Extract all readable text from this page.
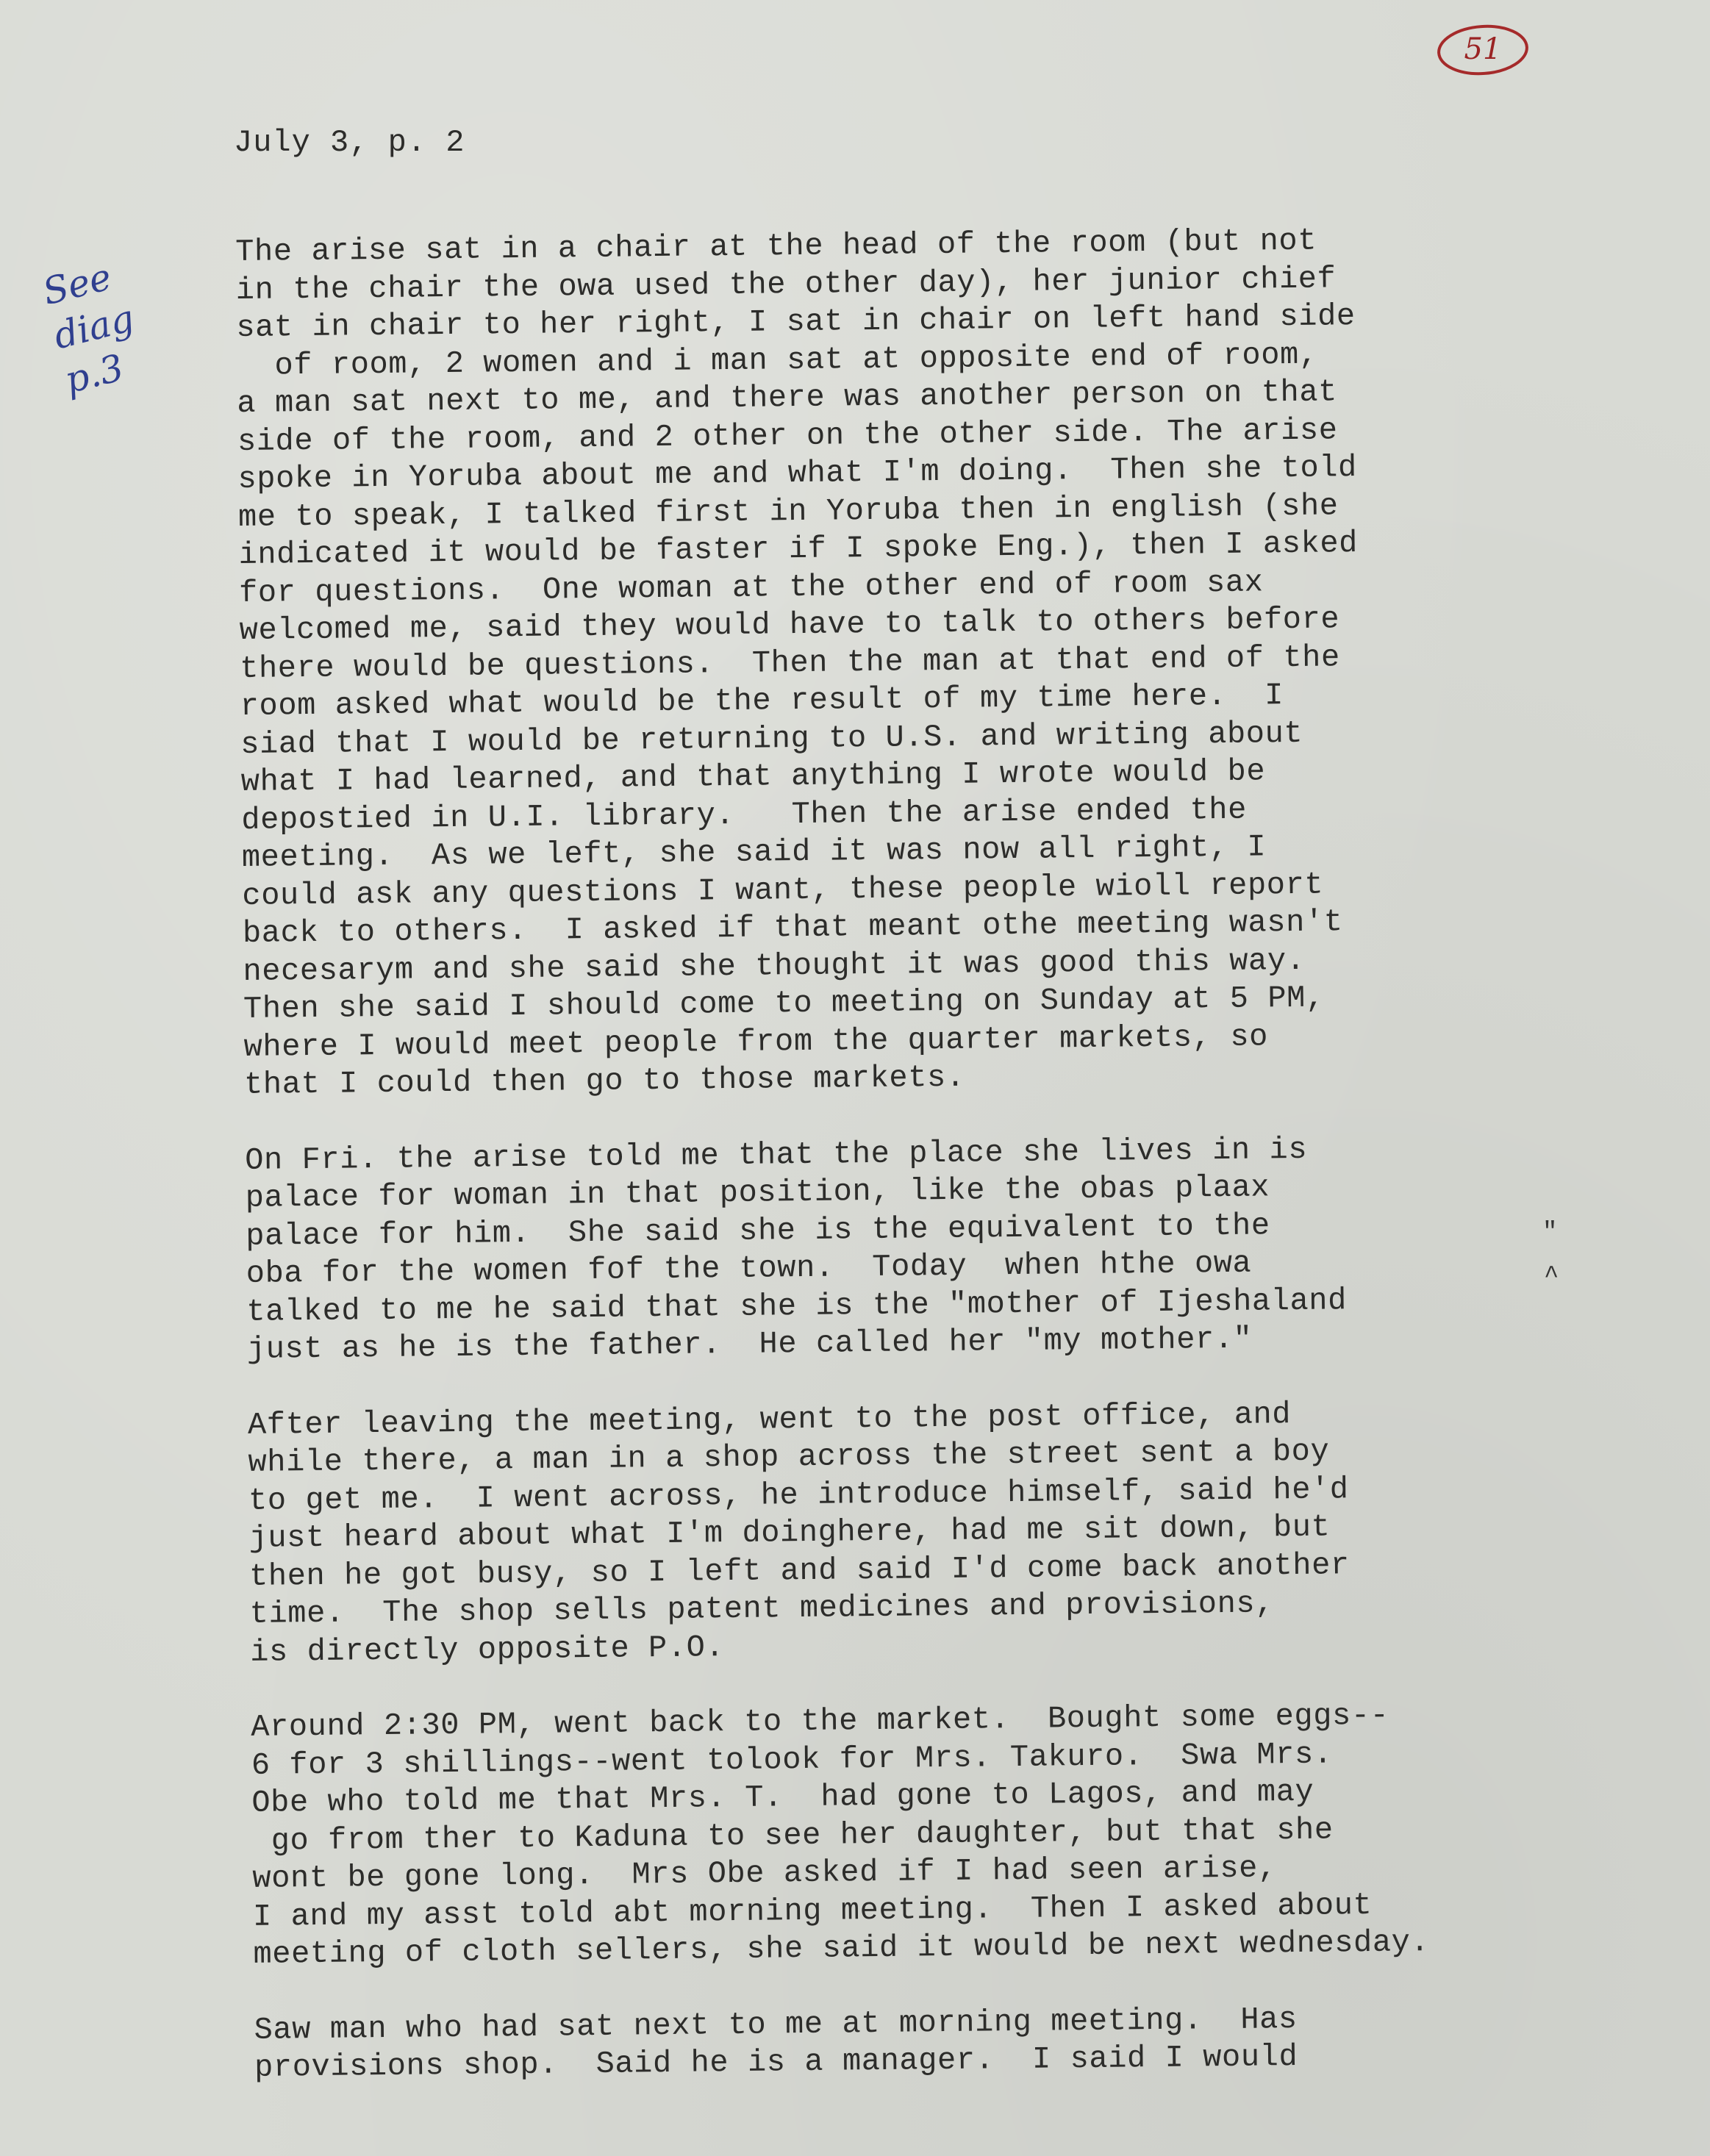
51
See
diag
p.3
July 3, p. 2
The arise sat in a chair at the head of the room (but not
in the chair the owa used the other day), her junior chief
sat in chair to her right, I sat in chair on left hand side
of room, 2 women and i man sat at opposite end of room,
a man sat next to me, and there was another person on that
side of the room, and 2 other on the other side. The arise
spoke in Yoruba about me and what I'm doing.  Then she told
me to speak, I talked first in Yoruba then in english (she
indicated it would be faster if I spoke Eng.), then I asked
for questions.  One woman at the other end of room sax
welcomed me, said they would have to talk to others before
there would be questions.  Then the man at that end of the
room asked what would be the result of my time here.  I
siad that I would be returning to U.S. and writing about
what I had learned, and that anything I wrote would be
depostied in U.I. library.   Then the arise ended the
meeting.  As we left, she said it was now all right, I
could ask any questions I want, these people wioll report
back to others.  I asked if that meant othe meeting wasn't
necesarym and she said she thought it was good this way.
Then she said I should come to meeting on Sunday at 5 PM,
where I would meet people from the quarter markets, so
that I could then go to those markets.
On Fri. the arise told me that the place she lives in is
palace for woman in that position, like the obas plaax
palace for him.  She said she is the equivalent to the
oba for the women fof the town.  Today  when hthe owa
talked to me he said that she is the "mother of Ijeshaland
just as he is the father.  He called her "my mother."
After leaving the meeting, went to the post office, and
while there, a man in a shop across the street sent a boy
to get me.  I went across, he introduce himself, said he'd
just heard about what I'm doinghere, had me sit down, but
then he got busy, so I left and said I'd come back another
time.  The shop sells patent medicines and provisions,
is directly opposite P.O.
Around 2:30 PM, went back to the market.  Bought some eggs--
6 for 3 shillings--went tolook for Mrs. Takuro.  Swa Mrs.
Obe who told me that Mrs. T.  had gone to Lagos, and may
go from ther to Kaduna to see her daughter, but that she
wont be gone long.  Mrs Obe asked if I had seen arise,
I and my asst told abt morning meeting.  Then I asked about
meeting of cloth sellers, she said it would be next wednesday.
Saw man who had sat next to me at morning meeting.  Has
provisions shop.  Said he is a manager.  I said I would
"
^
